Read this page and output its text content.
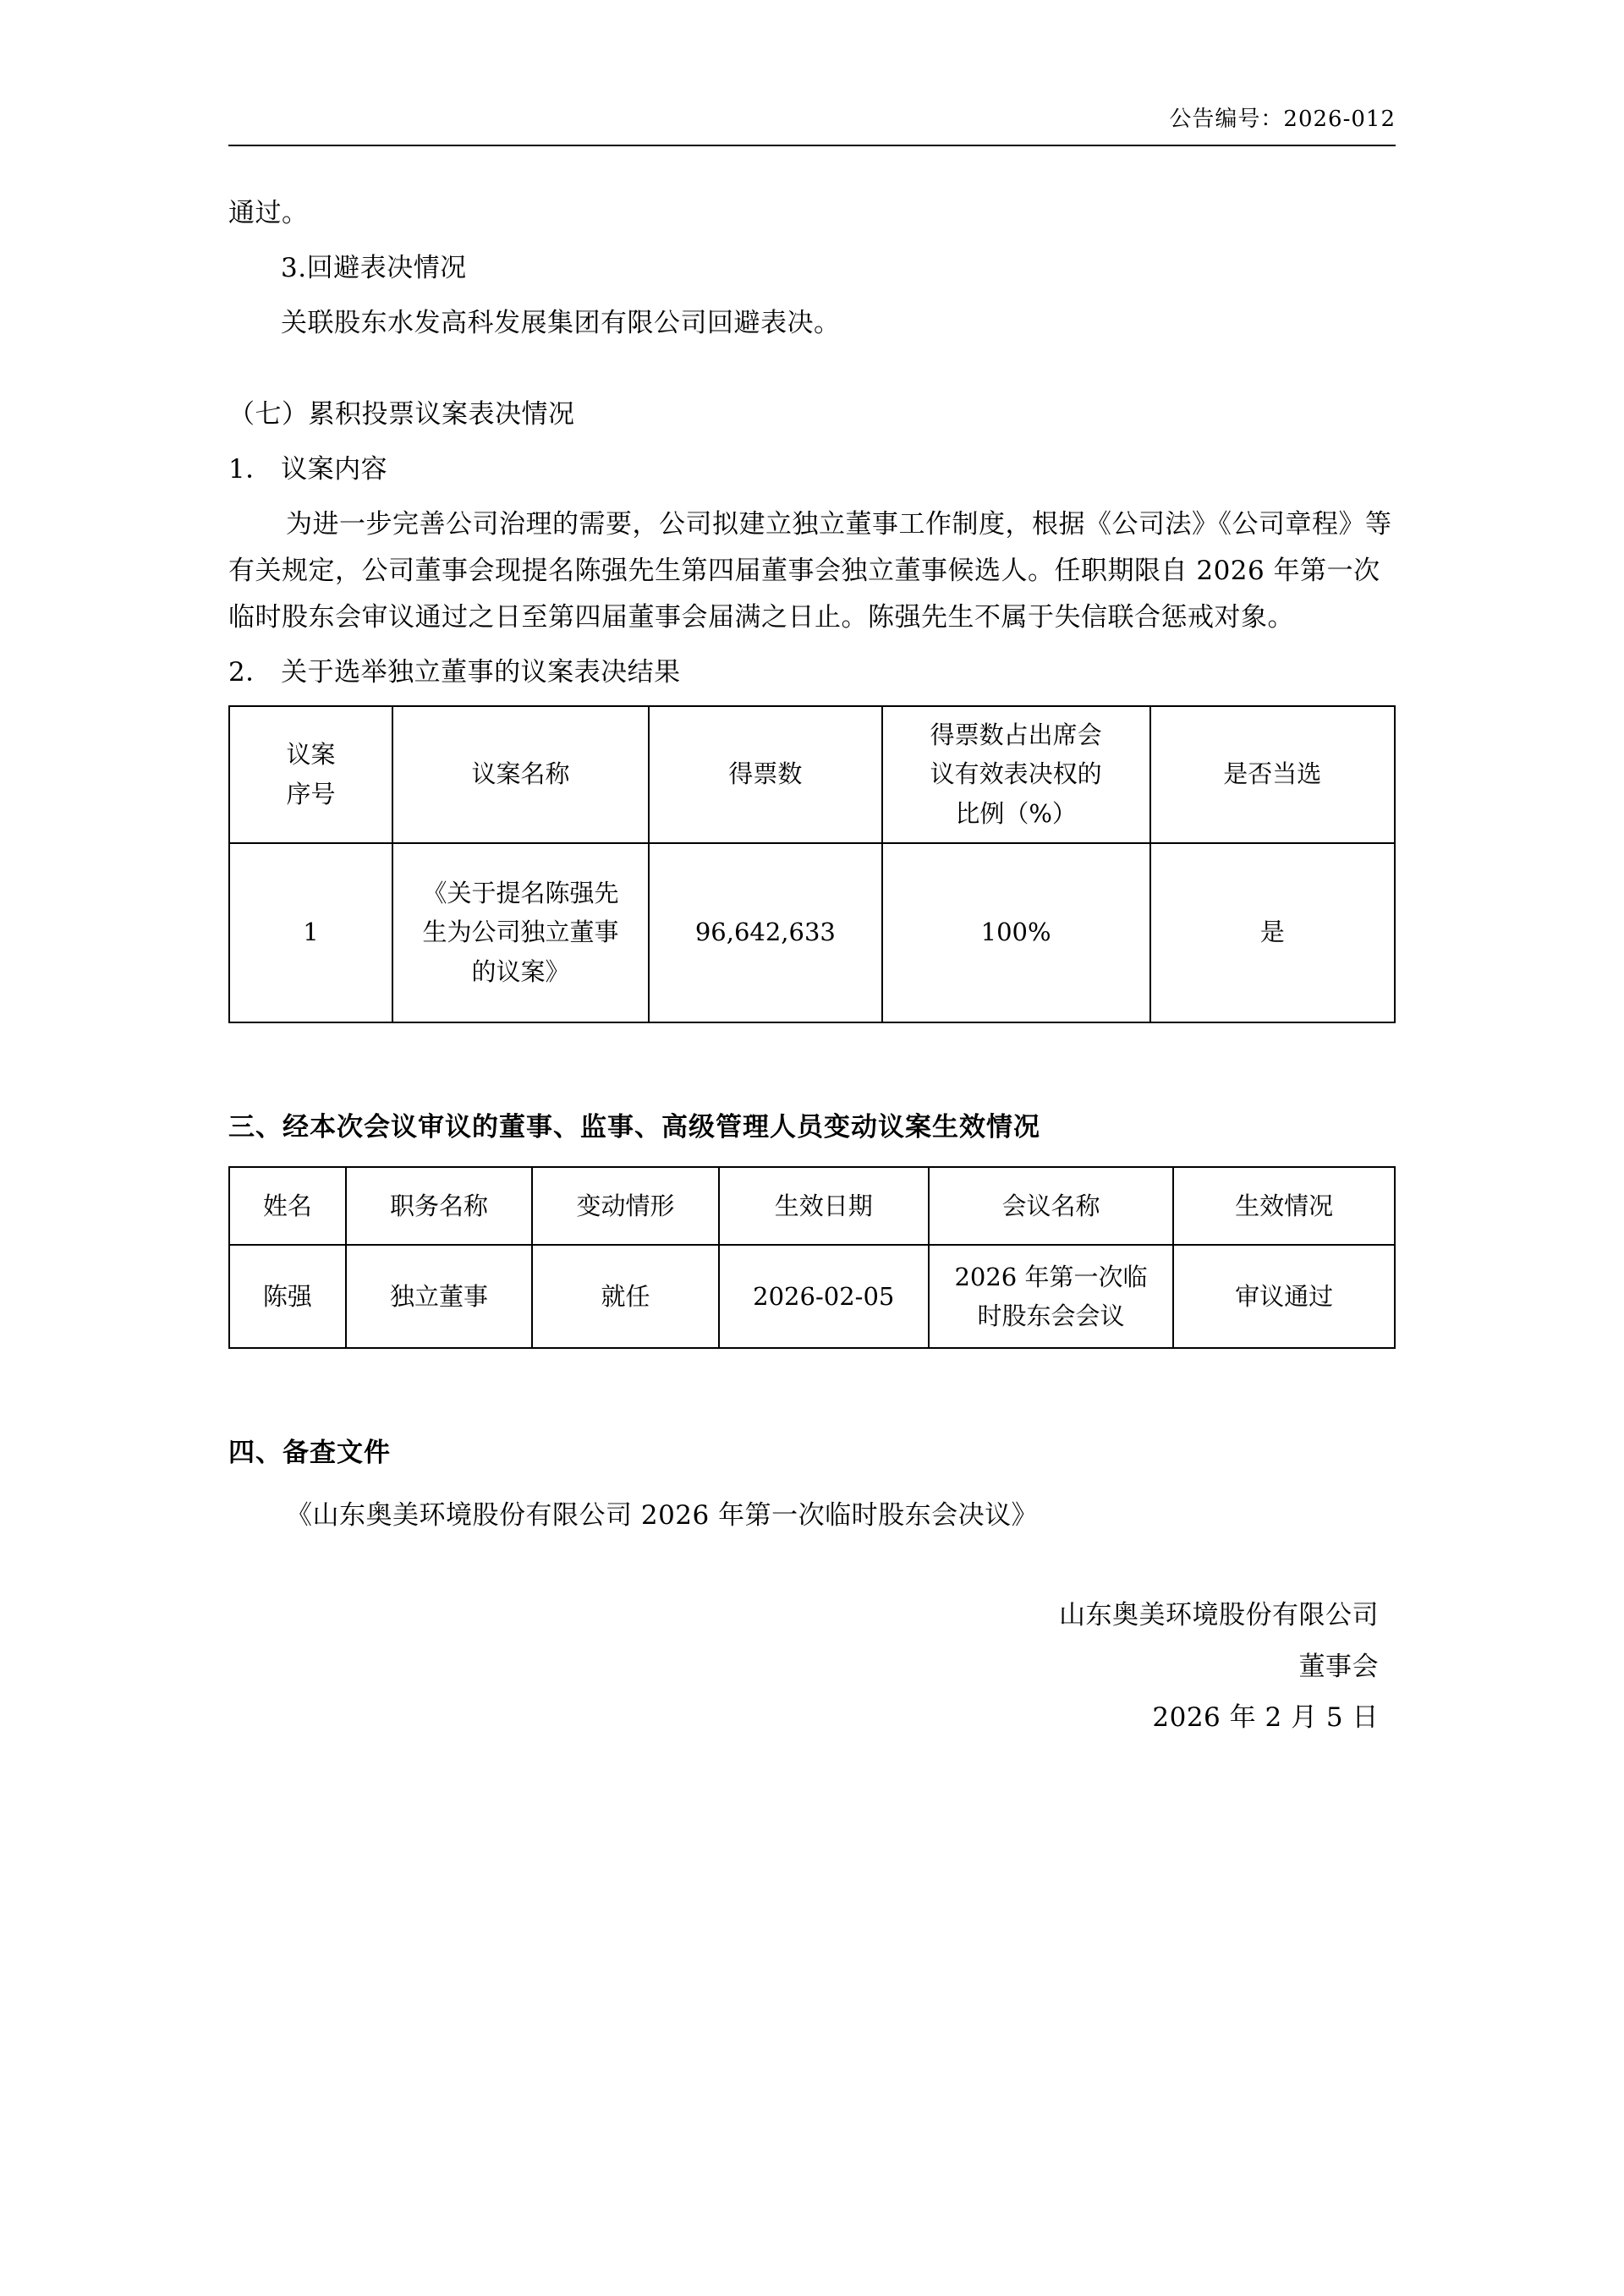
公告编号：2026-012

通过。

3.回避表决情况

关联股东水发高科发展集团有限公司回避表决。

（七）累积投票议案表决情况

1． 议案内容

为进一步完善公司治理的需要，公司拟建立独立董事工作制度，根据《公司法》《公司章程》等有关规定，公司董事会现提名陈强先生第四届董事会独立董事候选人。任职期限自 2026 年第一次临时股东会审议通过之日至第四届董事会届满之日止。陈强先生不属于失信联合惩戒对象。

2． 关于选举独立董事的议案表决结果

议案
序号	议案名称	得票数	得票数占出席会
议有效表决权的
比例（%）	是否当选
1	《关于提名陈强先
生为公司独立董事
的议案》	96,642,633	100%	是

三、经本次会议审议的董事、监事、高级管理人员变动议案生效情况

姓名	职务名称	变动情形	生效日期	会议名称	生效情况
陈强	独立董事	就任	2026-02-05	2026 年第一次临
时股东会会议	审议通过

四、备查文件

《山东奥美环境股份有限公司 2026 年第一次临时股东会决议》

山东奥美环境股份有限公司
董事会
2026 年 2 月 5 日
